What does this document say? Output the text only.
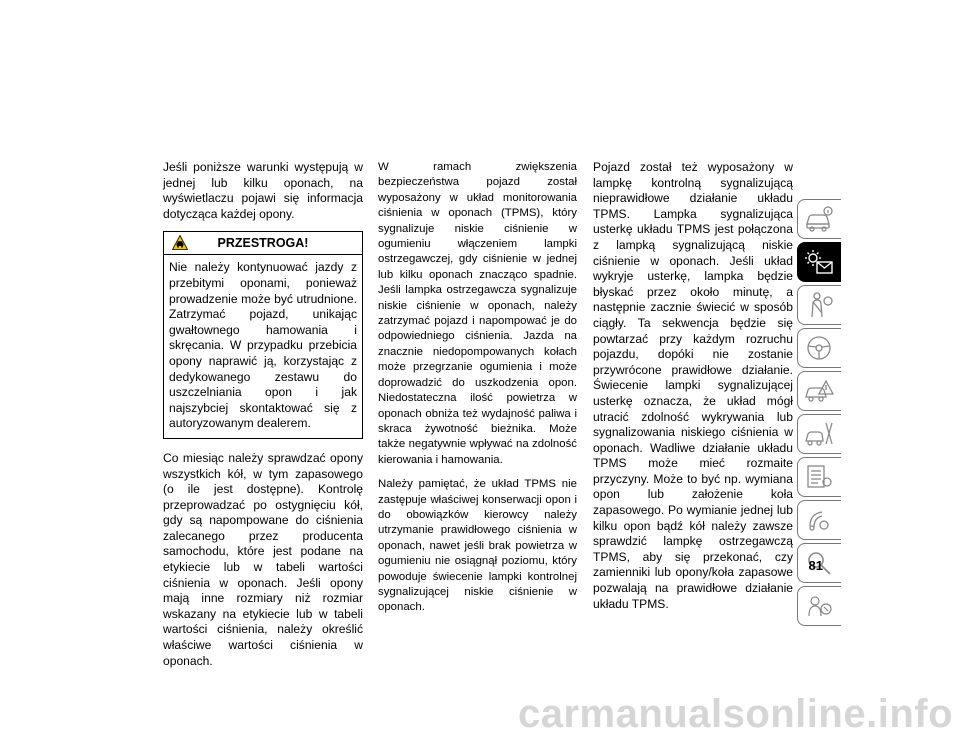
Jeśli poniższe warunki występują w jednej lub kilku oponach, na wyświetlaczu pojawi się informacja dotycząca każdej opony.

PRZESTROGA!
Nie należy kontynuować jazdy z przebitymi oponami, ponieważ prowadzenie może być utrudnione. Zatrzymać pojazd, unikając gwałtownego hamowania i skręcania. W przypadku przebicia opony naprawić ją, korzystając z dedykowanego zestawu do uszczelniania opon i jak najszybciej skontaktować się z autoryzowanym dealerem.

Co miesiąc należy sprawdzać opony wszystkich kół, w tym zapasowego (o ile jest dostępne). Kontrolę przeprowadzać po ostygnięciu kół, gdy są napompowane do ciśnienia zalecanego przez producenta samochodu, które jest podane na etykiecie lub w tabeli wartości ciśnienia w oponach. Jeśli opony mają inne rozmiary niż rozmiar wskazany na etykiecie lub w tabeli wartości ciśnienia, należy określić właściwe wartości ciśnienia w oponach.

W ramach zwiększenia bezpieczeństwa pojazd został wyposażony w układ monitorowania ciśnienia w oponach (TPMS), który sygnalizuje niskie ciśnienie w ogumieniu włączeniem lampki ostrzegawczej, gdy ciśnienie w jednej lub kilku oponach znacząco spadnie. Jeśli lampka ostrzegawcza sygnalizuje niskie ciśnienie w oponach, należy zatrzymać pojazd i napompować je do odpowiedniego ciśnienia. Jazda na znacznie niedopompowanych kołach może przegrzanie ogumienia i może doprowadzić do uszkodzenia opon. Niedostateczna ilość powietrza w oponach obniża też wydajność paliwa i skraca żywotność bieżnika. Może także negatywnie wpływać na zdolność kierowania i hamowania.

Należy pamiętać, że układ TPMS nie zastępuje właściwej konserwacji opon i do obowiązków kierowcy należy utrzymanie prawidłowego ciśnienia w oponach, nawet jeśli brak powietrza w ogumieniu nie osiągnął poziomu, który powoduje świecenie lampki kontrolnej sygnalizującej niskie ciśnienie w oponach.

Pojazd został też wyposażony w lampkę kontrolną sygnalizującą nieprawidłowe działanie układu TPMS. Lampka sygnalizująca usterkę układu TPMS jest połączona z lampką sygnalizującą niskie ciśnienie w oponach. Jeśli układ wykryje usterkę, lampka będzie błyskać przez około minutę, a następnie zacznie świecić w sposób ciągły. Ta sekwencja będzie się powtarzać przy każdym rozruchu pojazdu, dopóki nie zostanie przywrócone prawidłowe działanie. Świecenie lampki sygnalizującej usterkę oznacza, że układ mógł utracić zdolność wykrywania lub sygnalizowania niskiego ciśnienia w oponach. Wadliwe działanie układu TPMS może mieć rozmaite przyczyny. Może to być np. wymiana opon lub założenie koła zapasowego. Po wymianie jednej lub kilku opon bądź kół należy zawsze sprawdzić lampkę ostrzegawczą TPMS, aby się przekonać, czy zamienniki lub opony/koła zapasowe pozwalają na prawidłowe działanie układu TPMS.

81
carmanualsonline.info
